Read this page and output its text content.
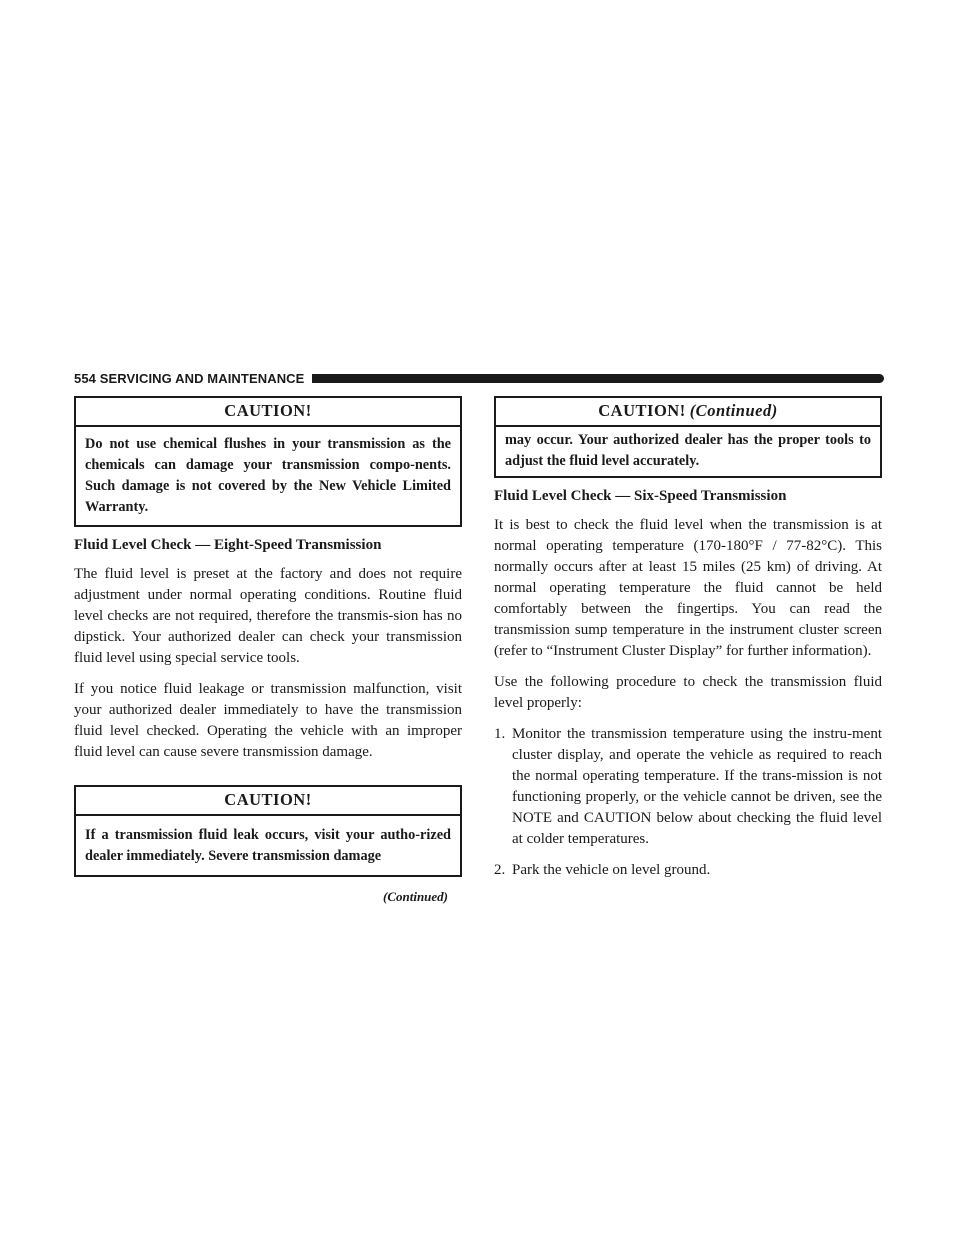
554 SERVICING AND MAINTENANCE
CAUTION!
Do not use chemical flushes in your transmission as the chemicals can damage your transmission compo-nents. Such damage is not covered by the New Vehicle Limited Warranty.
Fluid Level Check — Eight-Speed Transmission

The fluid level is preset at the factory and does not require adjustment under normal operating conditions. Routine fluid level checks are not required, therefore the transmis-sion has no dipstick. Your authorized dealer can check your transmission fluid level using special service tools.

If you notice fluid leakage or transmission malfunction, visit your authorized dealer immediately to have the transmission fluid level checked. Operating the vehicle with an improper fluid level can cause severe transmission damage.

CAUTION!
If a transmission fluid leak occurs, visit your autho-rized dealer immediately. Severe transmission damage
(Continued)
CAUTION! (Continued)
may occur. Your authorized dealer has the proper tools to adjust the fluid level accurately.
Fluid Level Check — Six-Speed Transmission

It is best to check the fluid level when the transmission is at normal operating temperature (170-180°F / 77-82°C). This normally occurs after at least 15 miles (25 km) of driving. At normal operating temperature the fluid cannot be held comfortably between the fingertips. You can read the transmission sump temperature in the instrument cluster screen (refer to “Instrument Cluster Display” for further information).

Use the following procedure to check the transmission fluid level properly:

1. Monitor the transmission temperature using the instru-ment cluster display, and operate the vehicle as required to reach the normal operating temperature. If the trans-mission is not functioning properly, or the vehicle cannot be driven, see the NOTE and CAUTION below about checking the fluid level at colder temperatures.
2. Park the vehicle on level ground.
